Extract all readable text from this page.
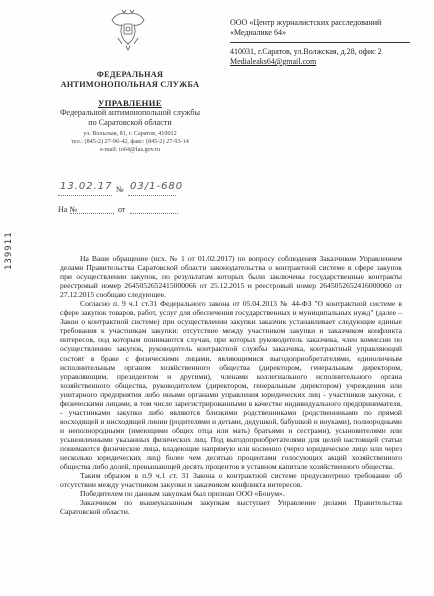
ФЕДЕРАЛЬНАЯ
АНТИМОНОПОЛЬНАЯ СЛУЖБА
УПРАВЛЕНИЕ
Федеральной антимонопольной службы
по Саратовской области
ул. Вольская, 81, г. Саратов, 410012
тел.: (845-2) 27-96-42, факс: (845-2) 27-93-14
e-mail: to64@fas.gov.ru
ООО «Центр журналистских расследований
«Медиалике 64»
410031, г.Саратов, ул.Волжская, д.28, офис 2
Medialeaks64@gmail.com
13.02.17 № 03/1-680
На №	от
139911	На Ваше обращение (исх. № 1 от 01.02.2017) по вопросу соблюдения Заказчиком Управлением делами Правительства Саратовской области законодательства о контрактной системе в сфере закупок при осуществлении закупок, по результатам которых были заключены государственные контракты реестровый номер 2645052652415000066 от 25.12.2015 и реестровый номер 2645052652416000060 от 27.12.2015 сообщаю следующее.

Согласно п. 9 ч.1 ст.31 Федерального закона от 05.04.2013 № 44-ФЗ "О контрактной системе в сфере закупок товаров, работ, услуг для обеспечения государственных и муниципальных нужд" (далее – Закон о контрактной системе) при осуществлении закупки заказчик устанавливает следующие единые требования к участникам закупки: отсутствие между участником закупки и заказчиком конфликта интересов, под которым понимаются случаи, при которых руководитель заказчика, член комиссии по осуществлению закупок, руководитель контрактной службы заказчика, контрактный управляющий состоят в браке с физическими лицами, являющимися выгодоприобретателями, единоличным исполнительным органом хозяйственного общества (директором, генеральным директором, управляющим, президентом и другими), членами коллегиального исполнительного органа хозяйственного общества, руководителем (директором, генеральным директором) учреждения или унитарного предприятия либо иными органами управления юридических лиц - участников закупки, с физическими лицами, в том числе зарегистрированными в качестве индивидуального предпринимателя, - участниками закупки либо являются близкими родственниками (родственниками по прямой восходящей и нисходящей линии (родителями и детьми, дедушкой, бабушкой и внуками), полнородными и неполнородными (имеющими общих отца или мать) братьями и сестрами), усыновителями или усыновленными указанных физических лиц. Под выгодоприобретателями для целей настоящей статьи понимаются физические лица, владеющие напрямую или косвенно (через юридическое лицо или через несколько юридических лиц) более чем десятью процентами голосующих акций хозяйственного общества либо долей, превышающей десять процентов в уставном капитале хозяйственного общества.

Таким образом в п.9 ч.1 ст. 31 Закона о контрактной системе предусмотрено требование об отсутствии между участником закупки и заказчиком конфликта интересов.

Победителем по данным закупкам был признан ООО «Бонум».

Заказчиком по вышеуказанным закупкам выступает Управление делами Правительства Саратовской области.
